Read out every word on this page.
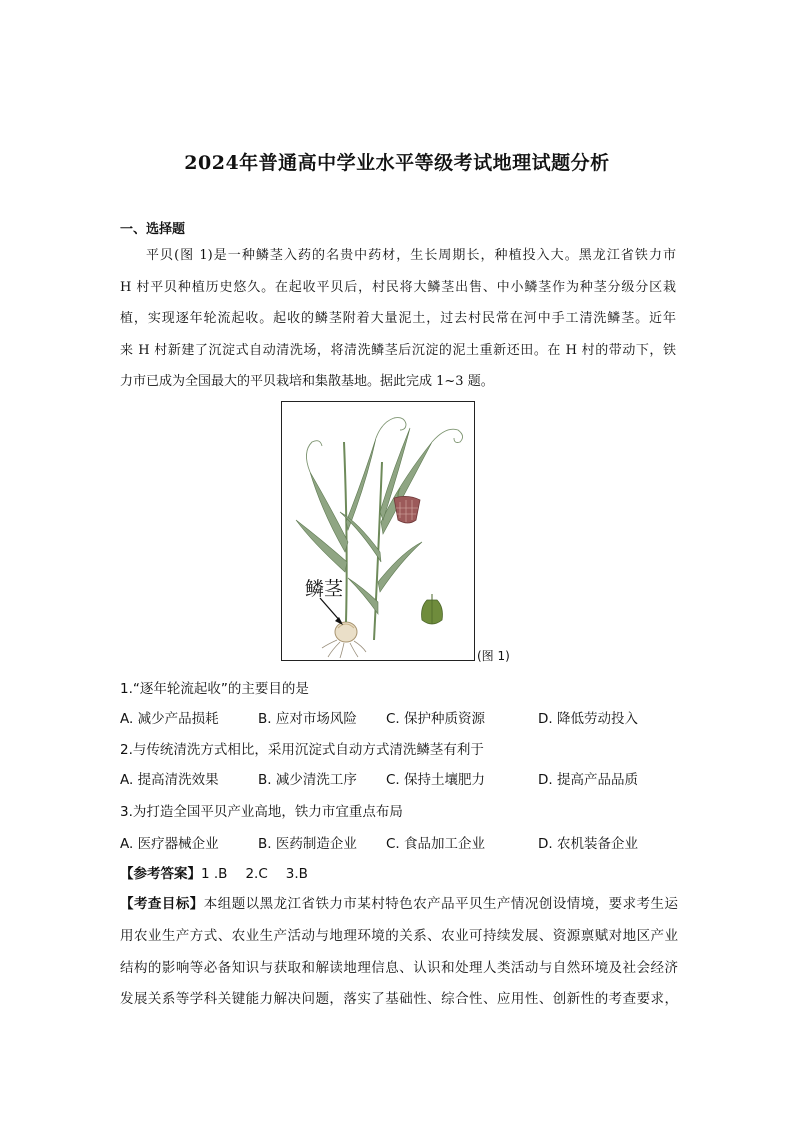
2024年普通高中学业水平等级考试地理试题分析
一、选择题
平贝(图 1)是一种鳞茎入药的名贵中药材，生长周期长，种植投入大。黑龙江省铁力市
H 村平贝种植历史悠久。在起收平贝后，村民将大鳞茎出售、中小鳞茎作为种茎分级分区栽
植，实现逐年轮流起收。起收的鳞茎附着大量泥土，过去村民常在河中手工清洗鳞茎。近年
来 H 村新建了沉淀式自动清洗场，将清洗鳞茎后沉淀的泥土重新还田。在 H 村的带动下，铁
力市已成为全国最大的平贝栽培和集散基地。据此完成 1~3 题。
鳞茎
(图 1)
1.“逐年轮流起收”的主要目的是
A. 减少产品损耗	B. 应对市场风险 C. 保护种质资源	D. 降低劳动投入
2.与传统清洗方式相比，采用沉淀式自动方式清洗鳞茎有利于
A. 提高清洗效果	B. 减少清洗工序 C. 保持土壤肥力	D. 提高产品品质
3.为打造全国平贝产业高地，铁力市宜重点布局
A. 医疗器械企业	B. 医药制造企业 C. 食品加工企业	D. 农机装备企业
【参考答案】1 .B 2.C 3.B
【考查目标】本组题以黑龙江省铁力市某村特色农产品平贝生产情况创设情境，要求考生运
用农业生产方式、农业生产活动与地理环境的关系、农业可持续发展、资源禀赋对地区产业
结构的影响等必备知识与获取和解读地理信息、认识和处理人类活动与自然环境及社会经济
发展关系等学科关键能力解决问题，落实了基础性、综合性、应用性、创新性的考查要求，
